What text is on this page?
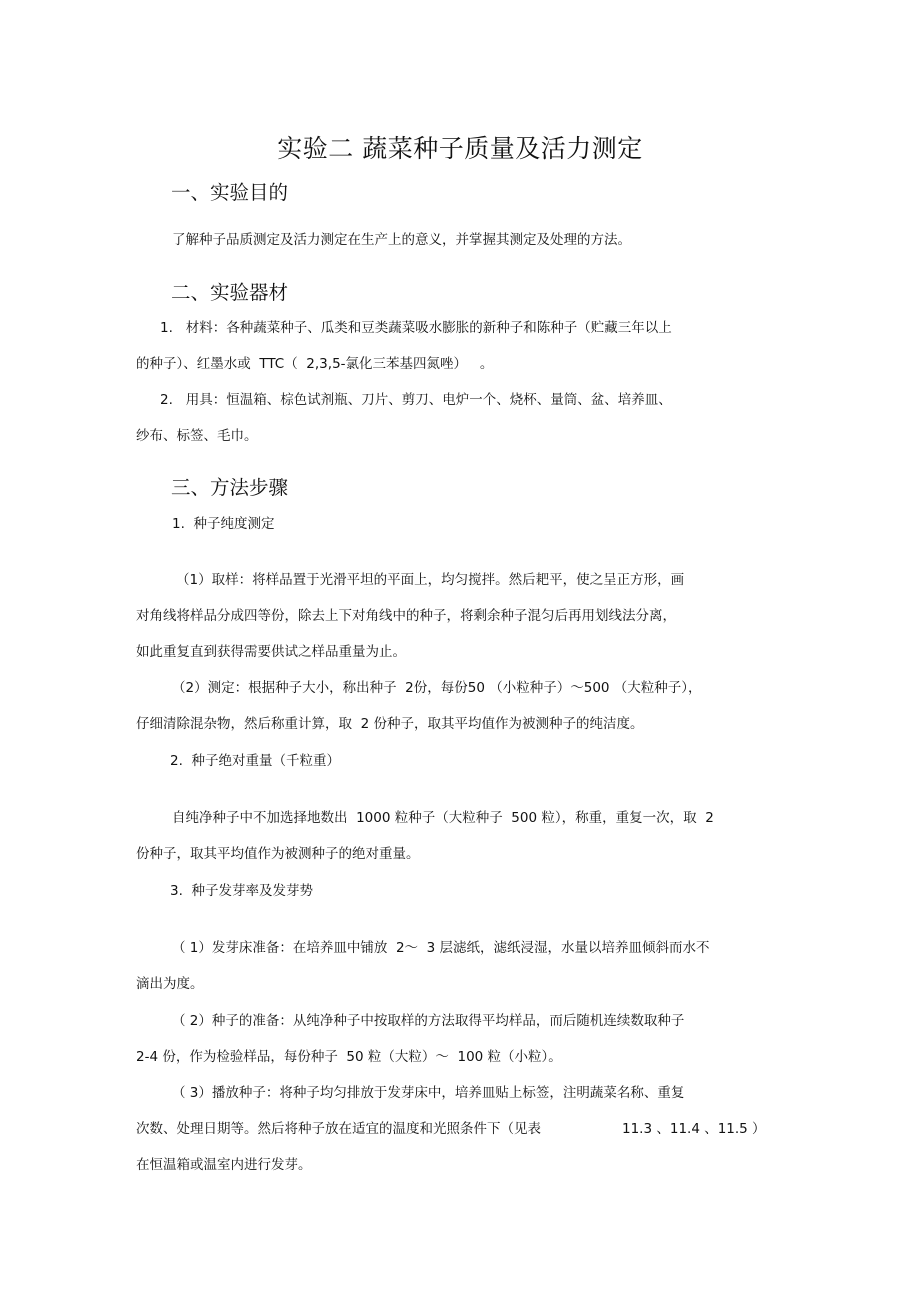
实验二 蔬菜种子质量及活力测定
一、实验目的
了解种子品质测定及活力测定在生产上的意义，并掌握其测定及处理的方法。
二、实验器材
1.   材料：各种蔬菜种子、瓜类和豆类蔬菜吸水膨胀的新种子和陈种子（贮藏三年以上
的种子）、红墨水或  TTC（  2,3,5-氯化三苯基四氮唑）   。
2.   用具：恒温箱、棕色试剂瓶、刀片、剪刀、电炉一个、烧杯、量筒、盆、培养皿、
纱布、标签、毛巾。
三、方法步骤
1.  种子纯度测定
（1）取样：将样品置于光滑平坦的平面上，均匀搅拌。然后耙平，使之呈正方形，画
对角线将样品分成四等份，除去上下对角线中的种子，将剩余种子混匀后再用划线法分离，
如此重复直到获得需要供试之样品重量为止。
（2）测定：根据种子大小，称出种子  2份，每份50 （小粒种子）～500 （大粒种子），
仔细清除混杂物，然后称重计算，取  2 份种子，取其平均值作为被测种子的纯洁度。
2.  种子绝对重量（千粒重）
自纯净种子中不加选择地数出  1000 粒种子（大粒种子  500 粒），称重，重复一次，取  2
份种子，取其平均值作为被测种子的绝对重量。
3.  种子发芽率及发芽势
（ 1）发芽床准备：在培养皿中铺放  2～  3 层滤纸，滤纸浸湿，水量以培养皿倾斜而水不
滴出为度。
（ 2）种子的准备：从纯净种子中按取样的方法取得平均样品，而后随机连续数取种子
2-4 份，作为检验样品，每份种子  50 粒（大粒）～  100 粒（小粒）。
（ 3）播放种子：将种子均匀排放于发芽床中，培养皿贴上标签，注明蔬菜名称、重复
次数、处理日期等。然后将种子放在适宜的温度和光照条件下（见表	11.3 、11.4 、11.5 ）
在恒温箱或温室内进行发芽。
